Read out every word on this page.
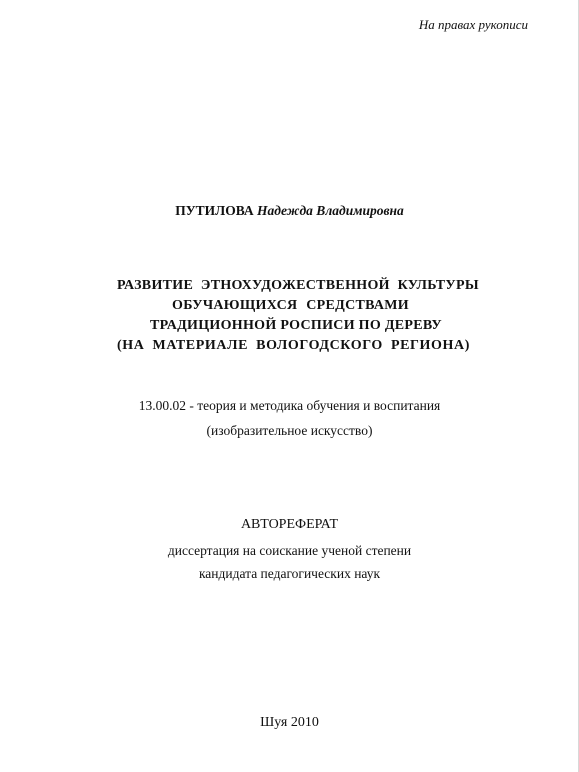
На правах рукописи
ПУТИЛОВА Надежда Владимировна
РАЗВИТИЕ ЭТНОХУДОЖЕСТВЕННОЙ КУЛЬТУРЫ
ОБУЧАЮЩИХСЯ СРЕДСТВАМИ
ТРАДИЦИОННОЙ РОСПИСИ ПО ДЕРЕВУ
(НА МАТЕРИАЛЕ ВОЛОГОДСКОГО РЕГИОНА)
13.00.02 - теория и методика обучения и воспитания
(изобразительное искусство)
АВТОРЕФЕРАТ
диссертация на соискание ученой степени
кандидата педагогических наук
Шуя 2010
